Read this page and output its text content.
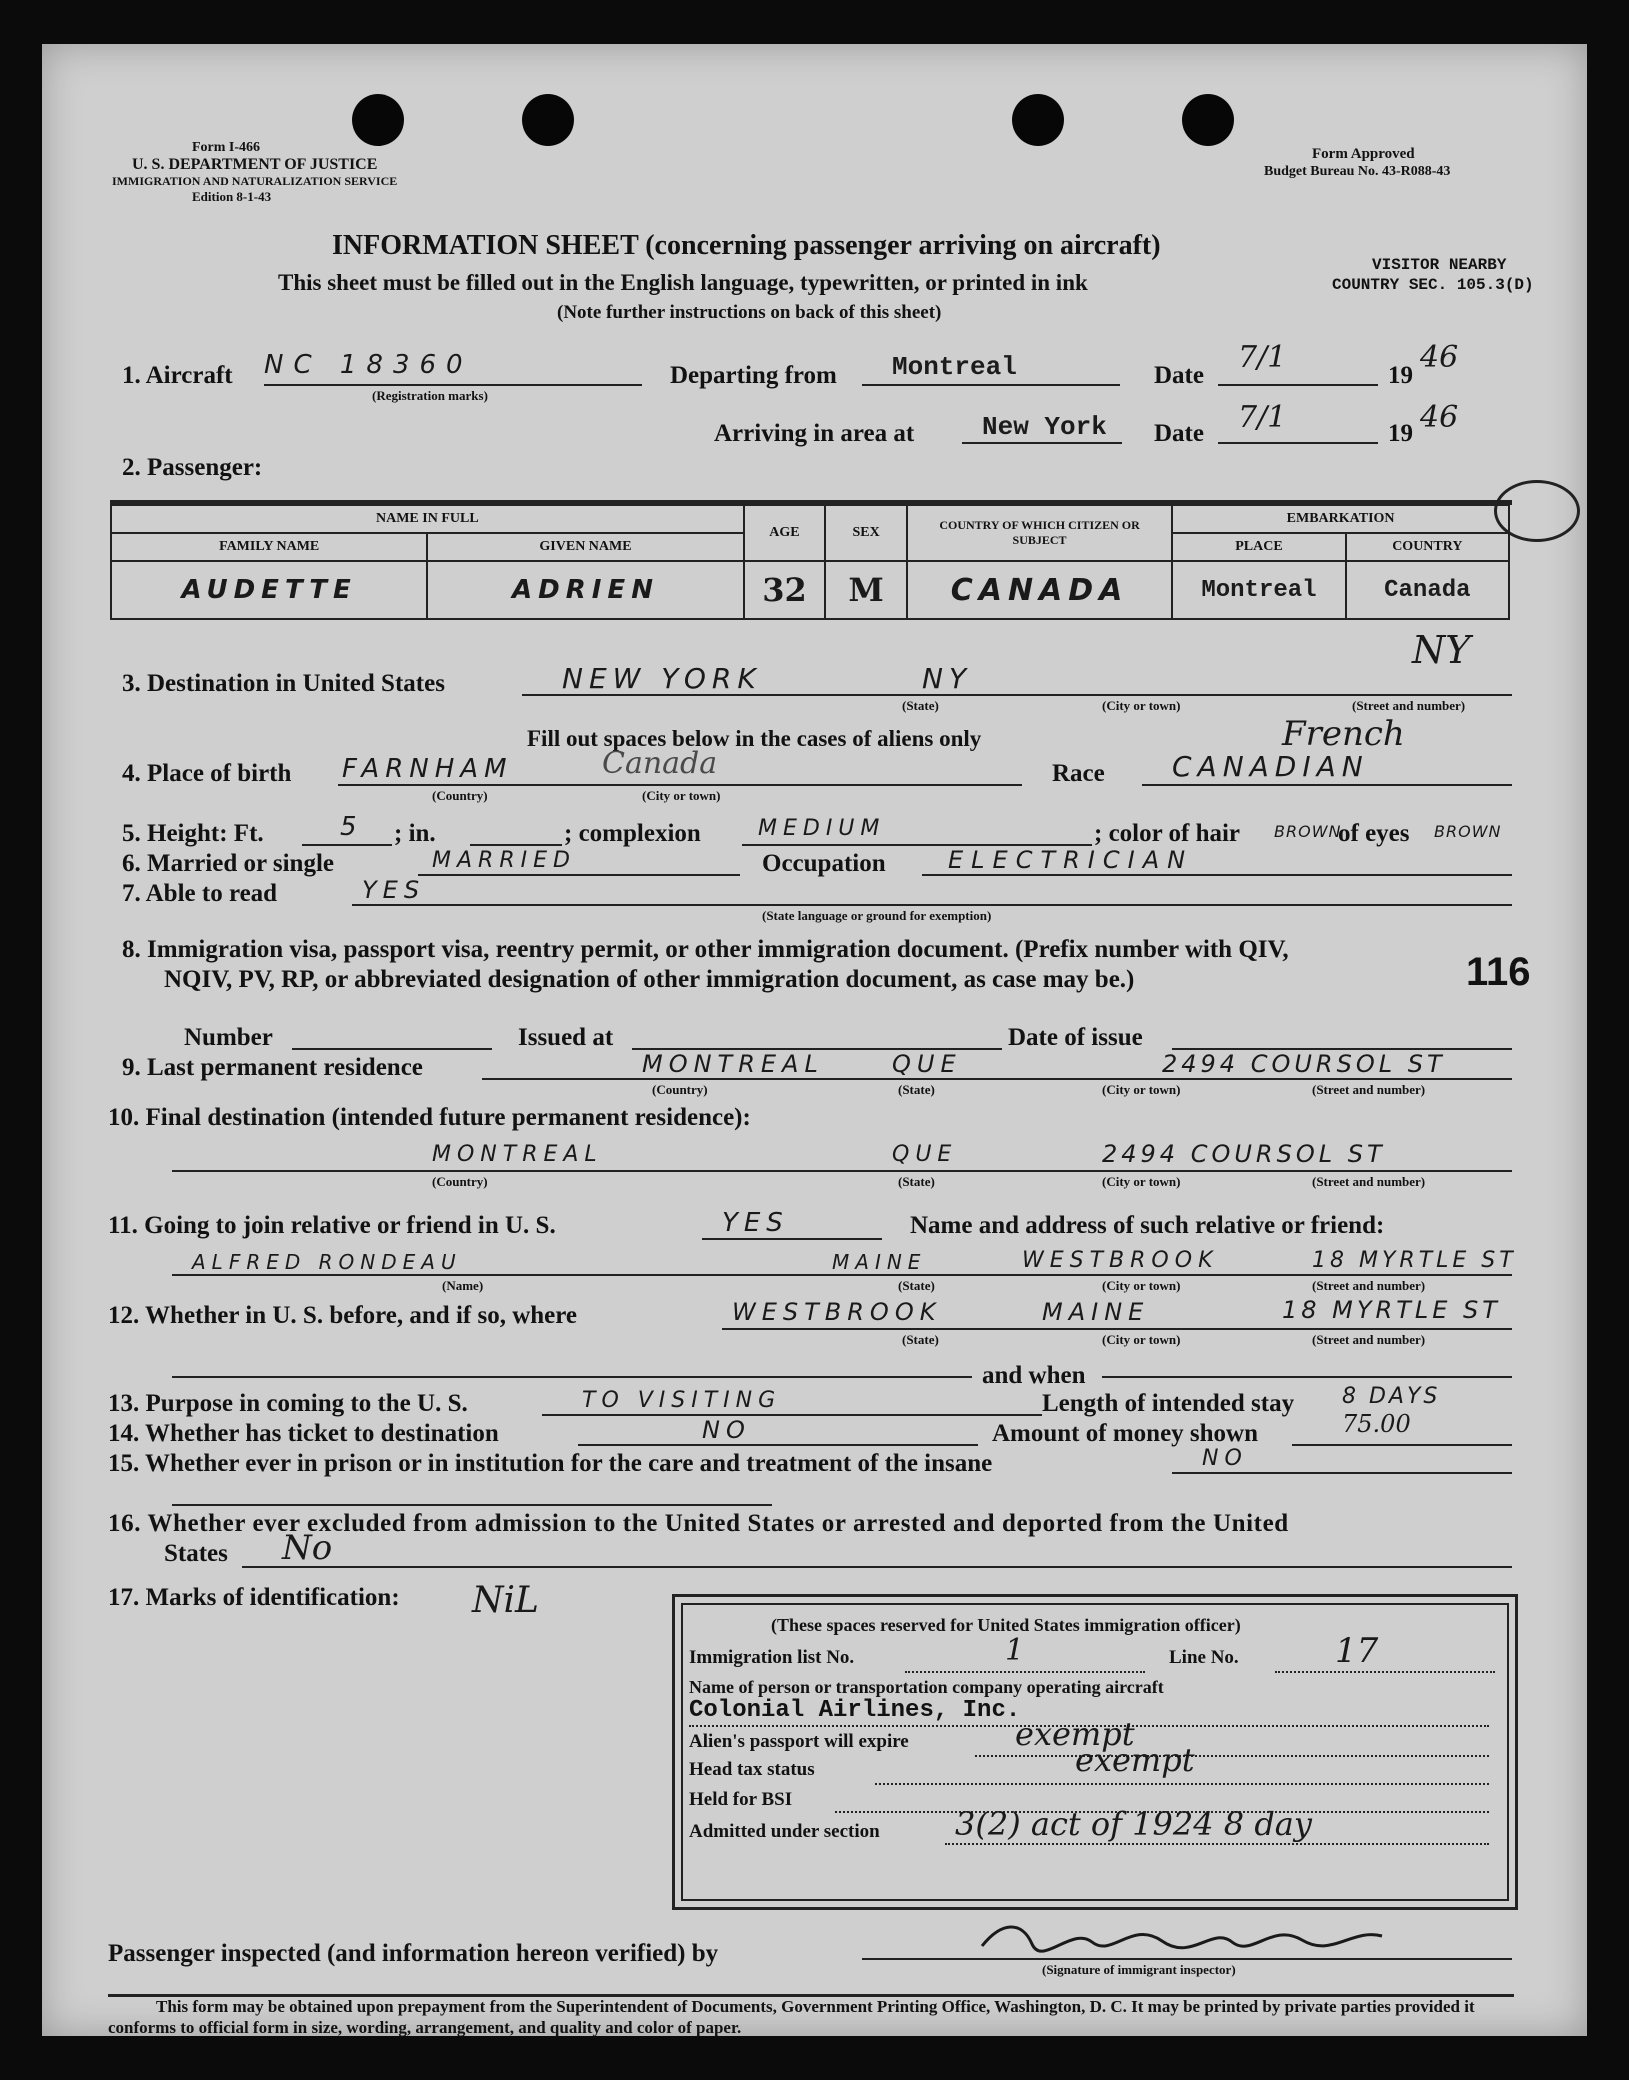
Form I-466
U. S. DEPARTMENT OF JUSTICE
IMMIGRATION AND NATURALIZATION SERVICE
Edition 8-1-43
Form Approved
Budget Bureau No. 43-R088-43
INFORMATION SHEET (concerning passenger arriving on aircraft)
This sheet must be filled out in the English language, typewritten, or printed in ink
(Note further instructions on back of this sheet)
VISITOR NEARBY
COUNTRY SEC. 105.3(D)
1. Aircraft NC 18360
(Registration marks)
Departing from Montreal	Date
7/1
19
46
Arriving in area at	New York Date 7/1	19 46
2. Passenger:
NAME IN FULL		AGE	SEX	COUNTRY OF WHICH CITIZEN OR SUBJECT	EMBARKATION	
FAMILY NAME	GIVEN NAME				PLACE	COUNTRY
AUDETTE	ADRIEN	32	M	CANADA	Montreal	Canada
3. Destination in United States	NEW YORK	NY
NY
(State)	(City or town)	(Street and number)
Fill out spaces below in the cases of aliens only
4. Place of birth FARNHAM	Canada
(Country)	(City or town)
Race CANADIAN
French
5. Height: Ft.	5 ; in.	; complexion	MEDIUM	; color of hair BROWN
of eyes BROWN
6. Married or single	MARRIED	Occupation	ELECTRICIAN
7. Able to read	YES
(State language or ground for exemption)
8. Immigration visa, passport visa, reentry permit, or other immigration document. (Prefix number with QIV,
NQIV, PV, RP, or abbreviated designation of other immigration document, as case may be.)	116
Number	Issued at	Date of issue
9. Last permanent residence	MONTREAL	QUE	2494 COURSOL ST
(Country)	(State)	(City or town)	(Street and number)
10. Final destination (intended future permanent residence):
MONTREAL	QUE	2494 COURSOL ST
(Country)	(State)	(City or town)	(Street and number)
11. Going to join relative or friend in U. S.	YES	Name and address of such relative or friend:
ALFRED RONDEAU	MAINE	WESTBROOK	18 MYRTLE ST
(Name)	(State)	(City or town)	(Street and number)
12. Whether in U. S. before, and if so, where	WESTBROOK	MAINE	18 MYRTLE ST
(State)	(City or town)	(Street and number)
and when
13. Purpose in coming to the U. S.	TO VISITING	Length of intended stay 8 DAYS
14. Whether has ticket to destination	NO	Amount of money shown	75.00
15. Whether ever in prison or in institution for the care and treatment of the insane	NO
16. Whether ever excluded from admission to the United States or arrested and deported from the United
States No
17. Marks of identification: NiL
(These spaces reserved for United States immigration officer)
Immigration list No.	1	Line No.	17
Name of person or transportation company operating aircraft
Colonial Airlines, Inc.
Alien's passport will expire	exempt
Head tax status	exempt
Held for BSI
Admitted under section 3(2) act of 1924 8 day
Passenger inspected (and information hereon verified) by
(Signature of immigrant inspector)
This form may be obtained upon prepayment from the Superintendent of Documents, Government Printing Office, Washington, D. C. It may be printed by private parties provided it conforms to official form in size, wording, arrangement, and quality and color of paper.
